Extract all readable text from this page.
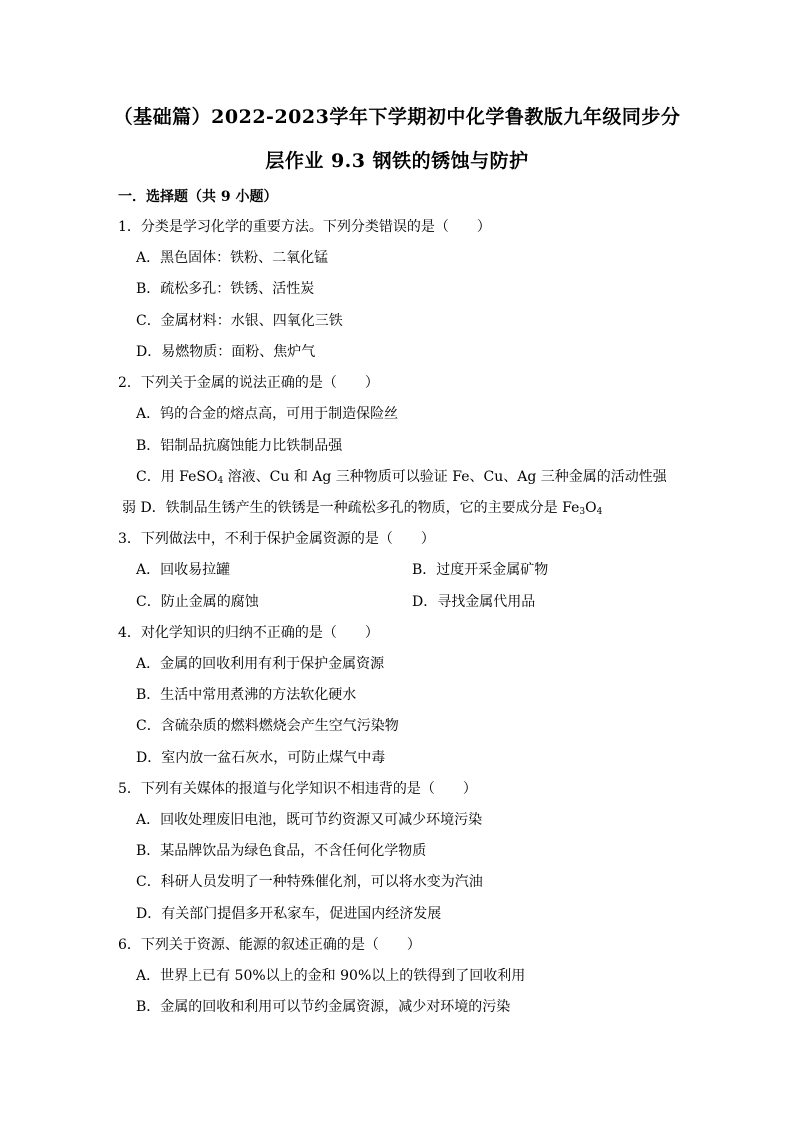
（基础篇）2022-2023学年下学期初中化学鲁教版九年级同步分
层作业 9.3 钢铁的锈蚀与防护
一．选择题（共 9 小题）
1．分类是学习化学的重要方法。下列分类错误的是（　　）
A．黑色固体：铁粉、二氧化锰
B．疏松多孔：铁锈、活性炭
C．金属材料：水银、四氧化三铁
D．易燃物质：面粉、焦炉气
2．下列关于金属的说法正确的是（　　）
A．钨的合金的熔点高，可用于制造保险丝
B．铝制品抗腐蚀能力比铁制品强
C．用 FeSO$_4$ 溶液、Cu 和 Ag 三种物质可以验证 Fe、Cu、Ag 三种金属的活动性强
弱 D．铁制品生锈产生的铁锈是一种疏松多孔的物质，它的主要成分是 $Fe_3O_4$
3．下列做法中，不利于保护金属资源的是（　　）
A．回收易拉罐	B．过度开采金属矿物
C．防止金属的腐蚀	D．寻找金属代用品
4．对化学知识的归纳不正确的是（　　）
A．金属的回收利用有利于保护金属资源
B．生活中常用煮沸的方法软化硬水
C．含硫杂质的燃料燃烧会产生空气污染物
D．室内放一盆石灰水，可防止煤气中毒
5．下列有关媒体的报道与化学知识不相违背的是（　　）
A．回收处理废旧电池，既可节约资源又可减少环境污染
B．某品牌饮品为绿色食品，不含任何化学物质
C．科研人员发明了一种特殊催化剂，可以将水变为汽油
D．有关部门提倡多开私家车，促进国内经济发展
6．下列关于资源、能源的叙述正确的是（　　）
A．世界上已有 50%以上的金和 90%以上的铁得到了回收利用
B．金属的回收和利用可以节约金属资源，减少对环境的污染
